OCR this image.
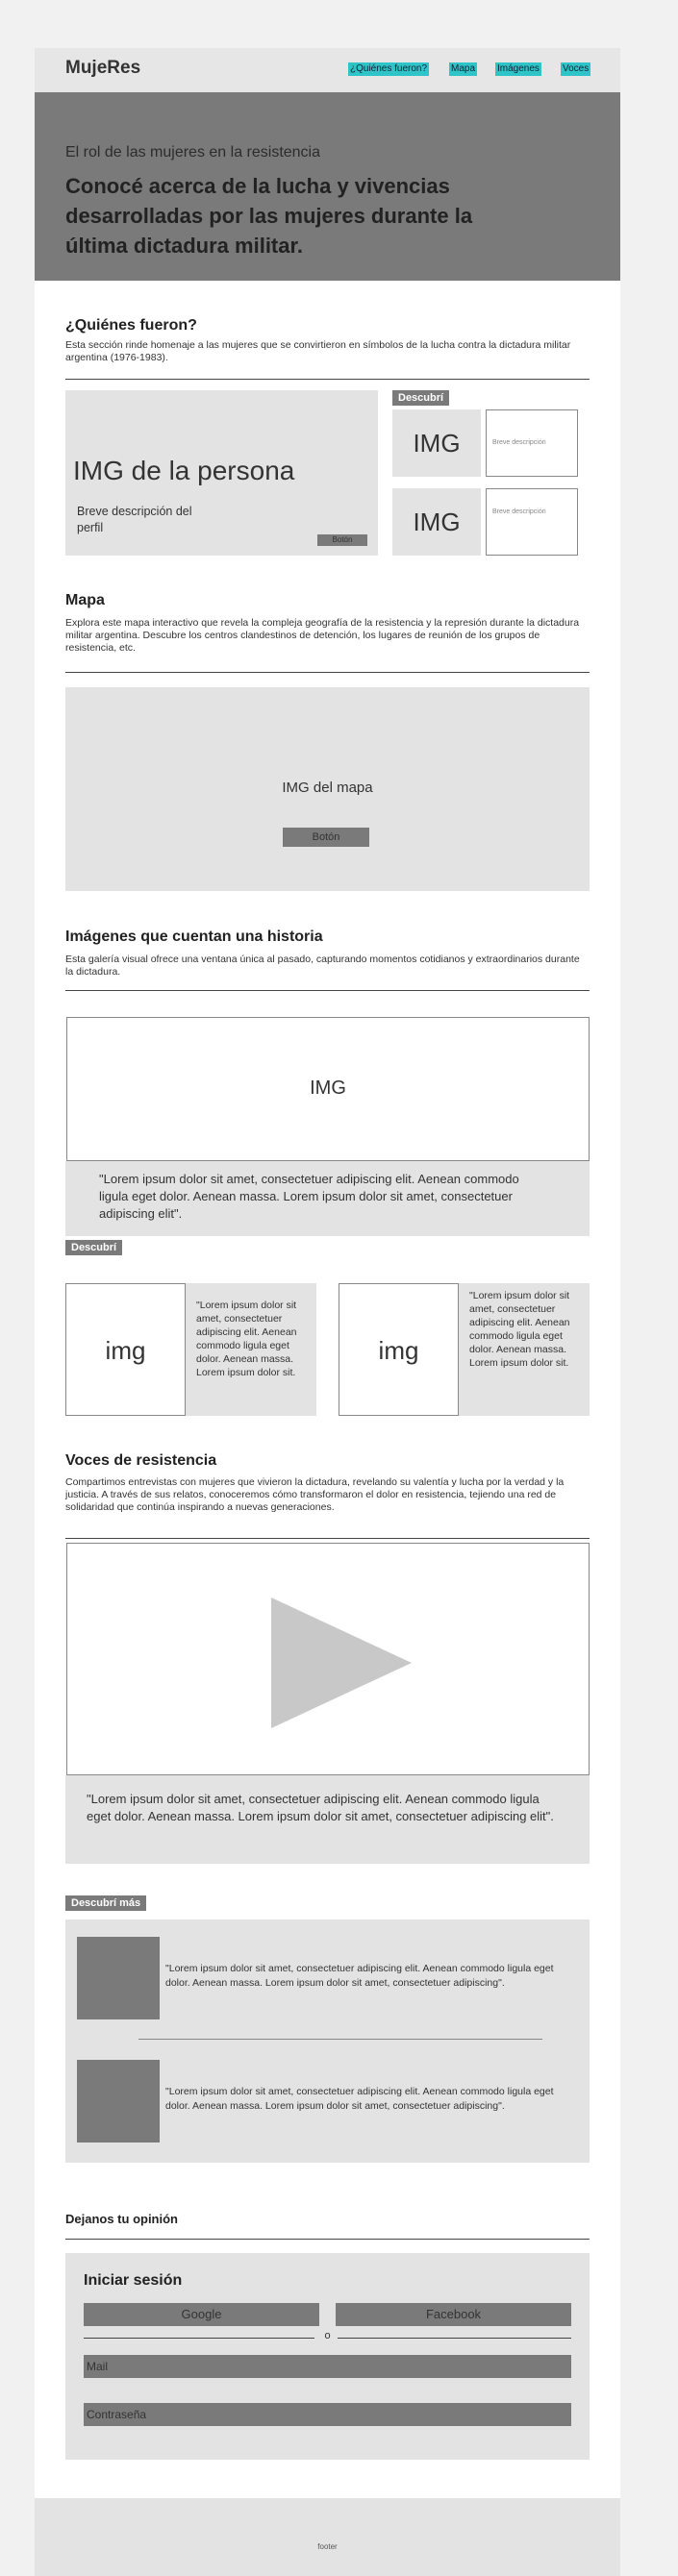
MujeRes	¿Quiénes fueron? Mapa Imágenes Voces
El rol de las mujeres en la resistencia
Conocé acerca de la lucha y vivencias desarrolladas por las mujeres durante la última dictadura militar.
¿Quiénes fueron?
Esta sección rinde homenaje a las mujeres que se convirtieron en símbolos de la lucha contra la dictadura militar argentina (1976-1983).
IMG de la persona
Breve descripción del perfil
Botón
Descubrí
IMG	Breve descripción
IMG	Breve descripción
Mapa
Explora este mapa interactivo que revela la compleja geografía de la resistencia y la represión durante la dictadura militar argentina. Descubre los centros clandestinos de detención, los lugares de reunión de los grupos de resistencia, etc.
IMG del mapa
Botón
Imágenes que cuentan una historia
Esta galería visual ofrece una ventana única al pasado, capturando momentos cotidianos y extraordinarios durante la dictadura.
IMG
"Lorem ipsum dolor sit amet, consectetuer adipiscing elit. Aenean commodo ligula eget dolor. Aenean massa. Lorem ipsum dolor sit amet, consectetuer adipiscing elit".
Descubrí
img
"Lorem ipsum dolor sit amet, consectetuer adipiscing elit. Aenean commodo ligula eget dolor. Aenean massa. Lorem ipsum dolor sit.
img
"Lorem ipsum dolor sit amet, consectetuer adipiscing elit. Aenean commodo ligula eget dolor. Aenean massa. Lorem ipsum dolor sit.
Voces de resistencia
Compartimos entrevistas con mujeres que vivieron la dictadura, revelando su valentía y lucha por la verdad y la justicia. A través de sus relatos, conoceremos cómo transformaron el dolor en resistencia, tejiendo una red de solidaridad que continúa inspirando a nuevas generaciones.
"Lorem ipsum dolor sit amet, consectetuer adipiscing elit. Aenean commodo ligula eget dolor. Aenean massa. Lorem ipsum dolor sit amet, consectetuer adipiscing elit".
Descubrí más
"Lorem ipsum dolor sit amet, consectetuer adipiscing elit. Aenean commodo ligula eget dolor. Aenean massa. Lorem ipsum dolor sit amet, consectetuer adipiscing".
"Lorem ipsum dolor sit amet, consectetuer adipiscing elit. Aenean commodo ligula eget dolor. Aenean massa. Lorem ipsum dolor sit amet, consectetuer adipiscing".
Dejanos tu opinión
Iniciar sesión
Google	Facebook
o
Mail
Contraseña
footer
